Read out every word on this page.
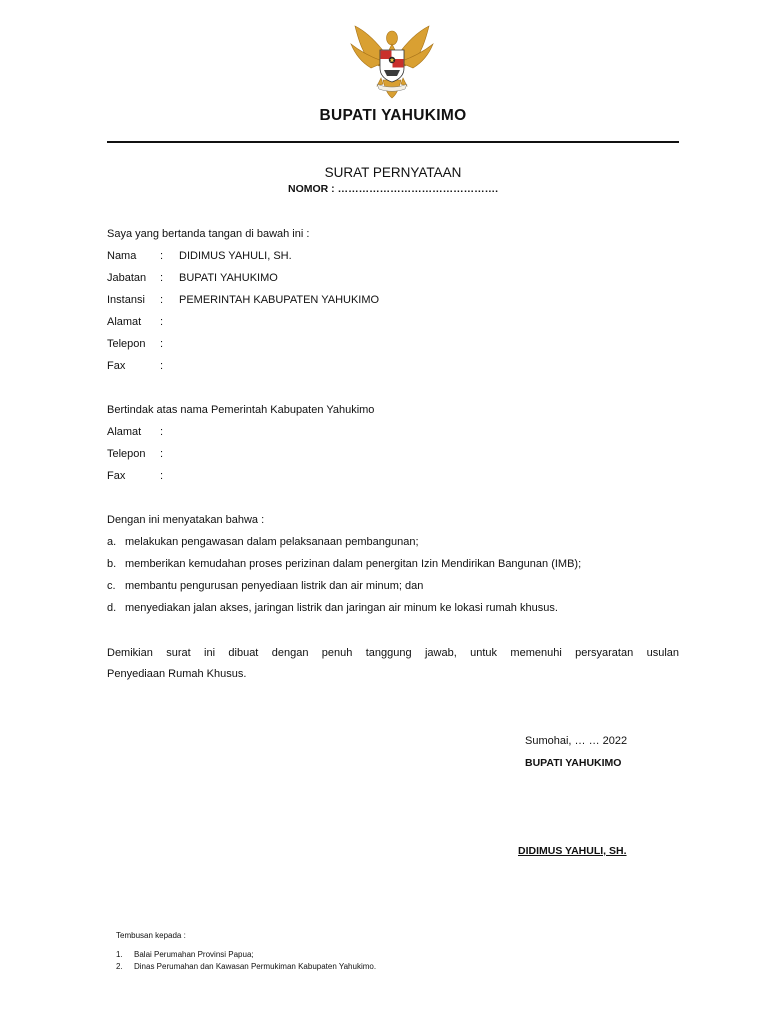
BUPATI YAHUKIMO
SURAT PERNYATAAN
NOMOR : ……………………………………….
Saya yang bertanda tangan di bawah ini :
Nama : DIDIMUS YAHULI, SH.
Jabatan : BUPATI YAHUKIMO
Instansi : PEMERINTAH KABUPATEN YAHUKIMO
Alamat :
Telepon :
Fax	:
Bertindak atas nama Pemerintah Kabupaten Yahukimo
Alamat :
Telepon :
Fax	:
Dengan ini menyatakan bahwa :
a. melakukan pengawasan dalam pelaksanaan pembangunan;
b. memberikan kemudahan proses perizinan dalam penergitan Izin Mendirikan Bangunan (IMB);
c. membantu pengurusan penyediaan listrik dan air minum; dan
d. menyediakan jalan akses, jaringan listrik dan jaringan air minum ke lokasi rumah khusus.
Demikian surat ini dibuat dengan penuh tanggung jawab, untuk memenuhi persyaratan usulan
Penyediaan Rumah Khusus.
Sumohai, … … 2022
BUPATI YAHUKIMO
DIDIMUS YAHULI, SH.
Tembusan kepada :
1. Balai Perumahan Provinsi Papua;
2. Dinas Perumahan dan Kawasan Permukiman Kabupaten Yahukimo.
